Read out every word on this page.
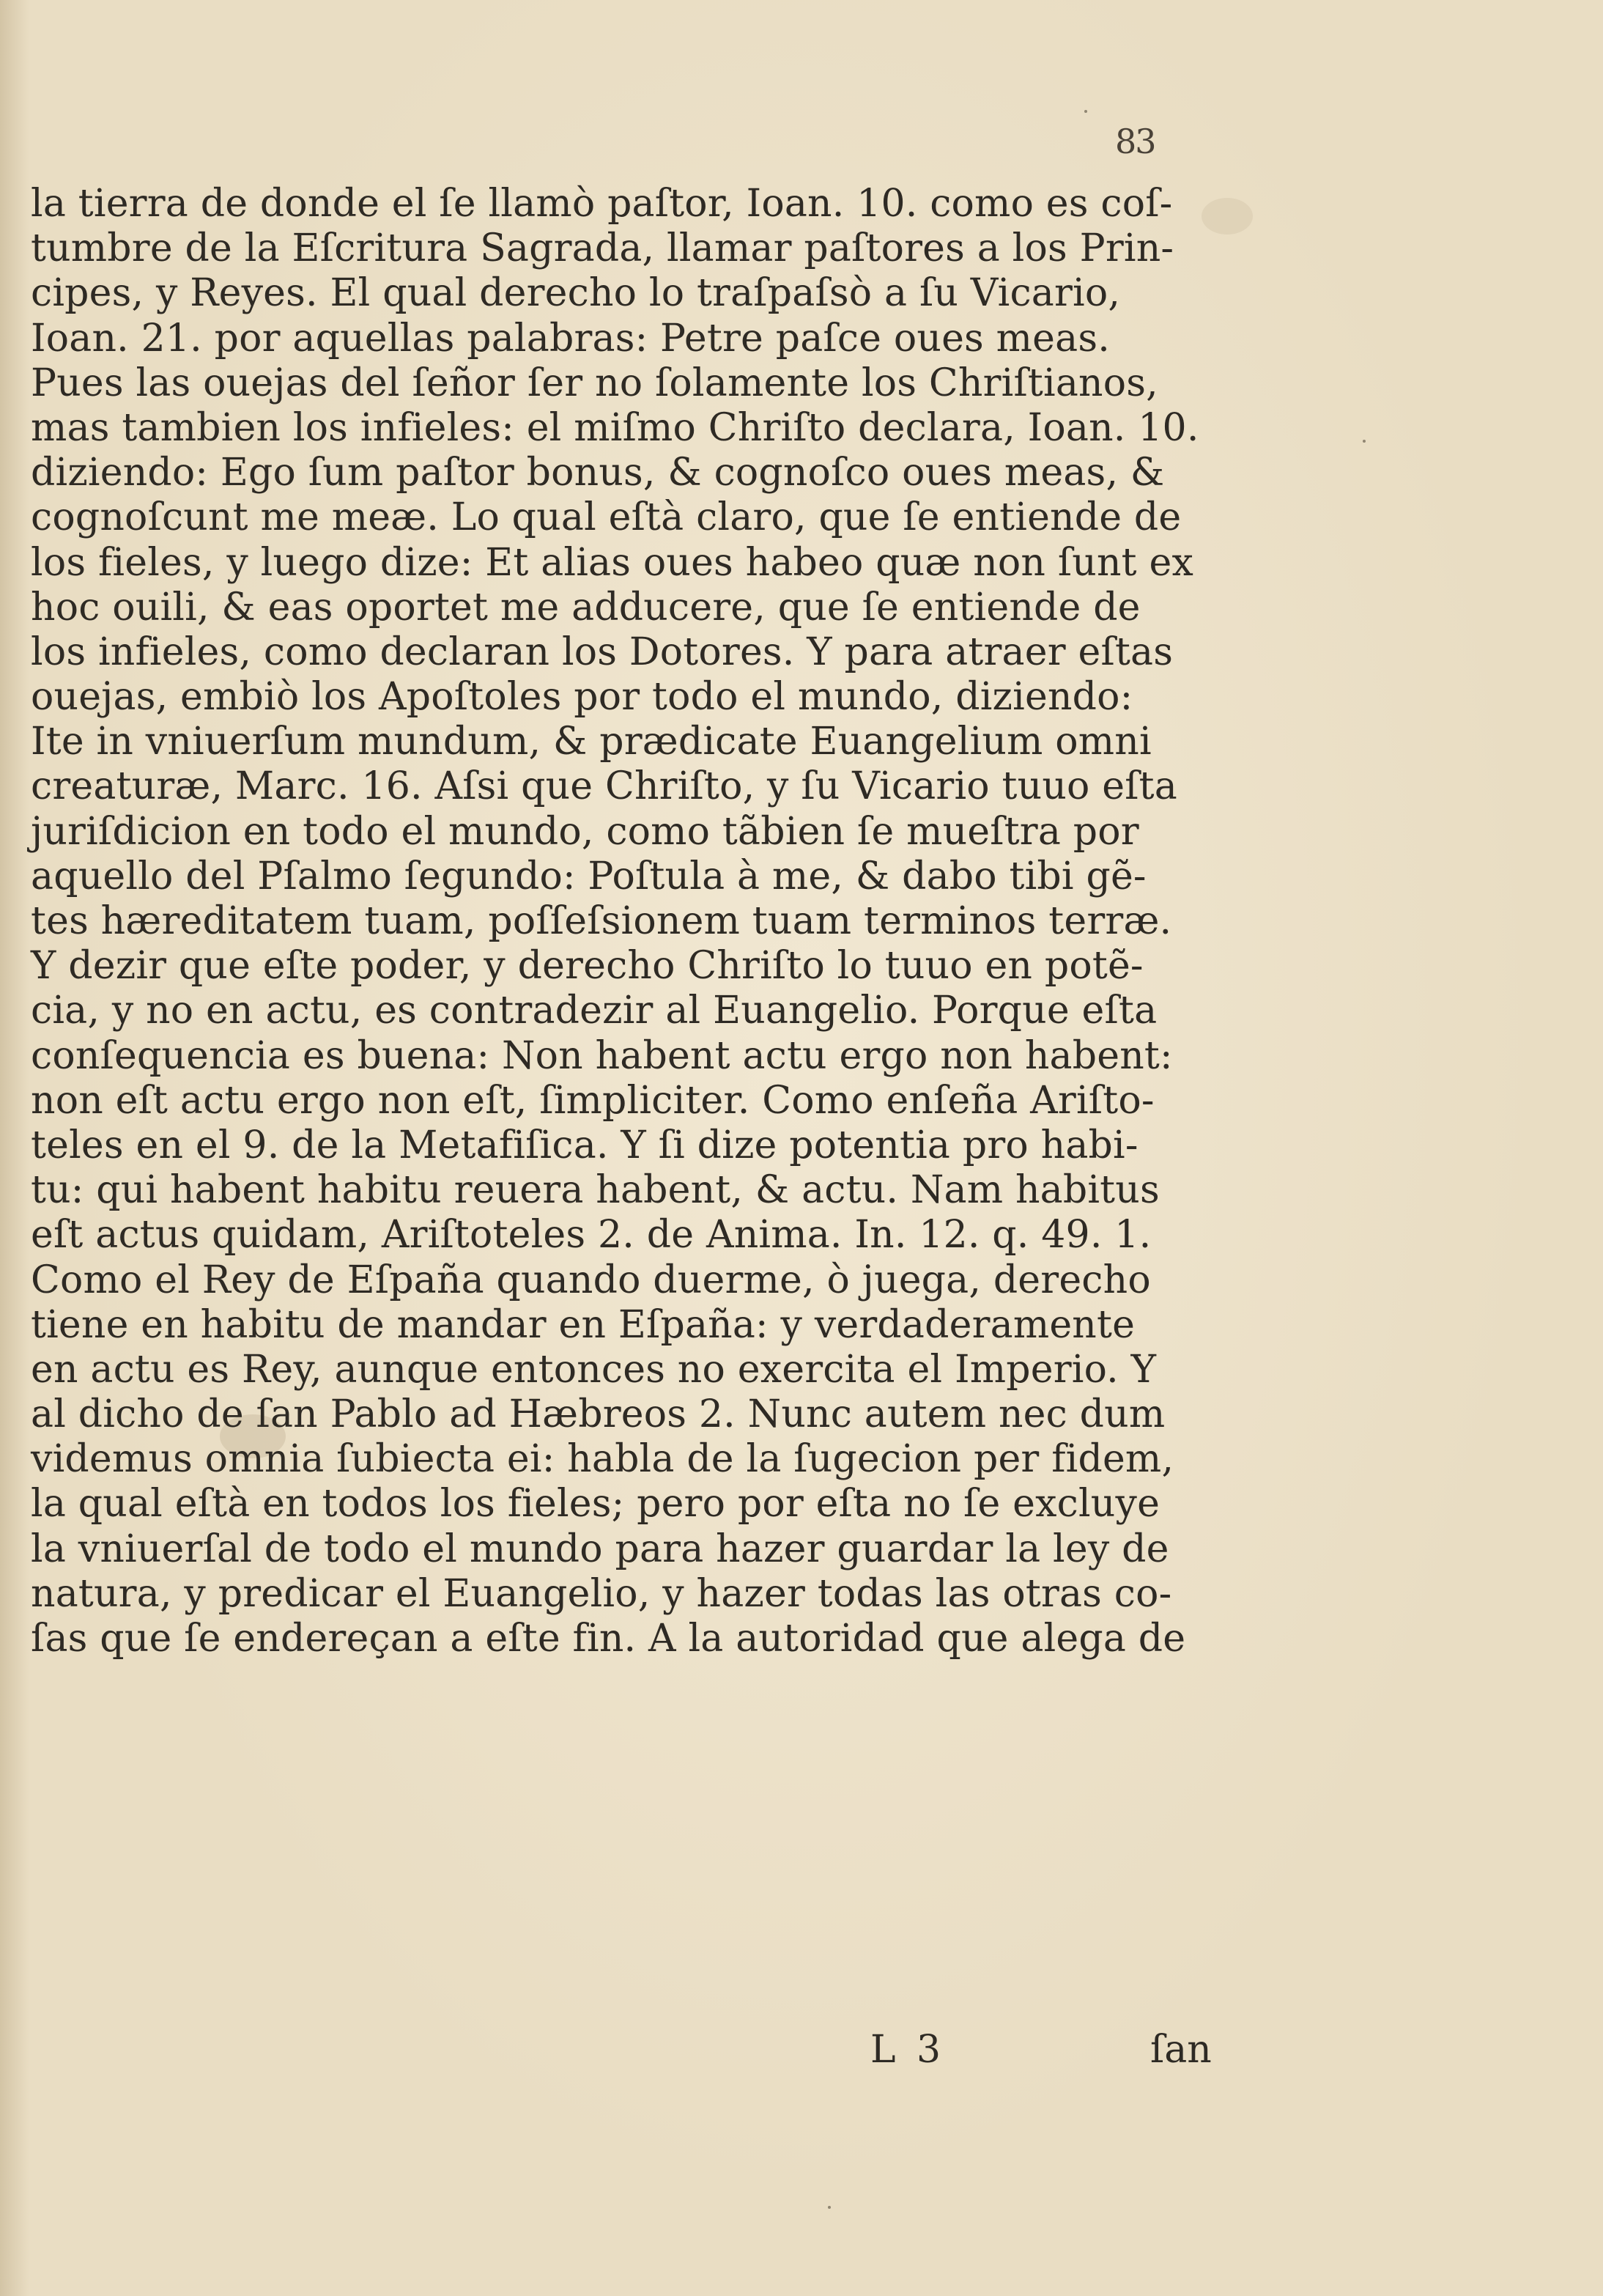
83
la tierra de donde el ſe llamò paſtor, Ioan. 10. como es coſ-
tumbre de la Eſcritura Sagrada, llamar paſtores a los Prin-
cipes, y Reyes. El qual derecho lo traſpaſsò a ſu Vicario,
Ioan. 21. por aquellas palabras: Petre paſce oues meas.
Pues las ouejas del ſeñor ſer no ſolamente los Chriſtianos,
mas tambien los infieles: el miſmo Chriſto declara, Ioan. 10.
diziendo: Ego ſum paſtor bonus, & cognoſco oues meas, &
cognoſcunt me meæ. Lo qual eſtà claro, que ſe entiende de
los fieles, y luego dize: Et alias oues habeo quæ non ſunt ex
hoc ouili, & eas oportet me adducere, que ſe entiende de
los infieles, como declaran los Dotores. Y para atraer eſtas
ouejas, embiò los Apoſtoles por todo el mundo, diziendo:
Ite in vniuerſum mundum, & prædicate Euangelium omni
creaturæ, Marc. 16. Aſsi que Chriſto, y ſu Vicario tuuo eſta
juriſdicion en todo el mundo, como tãbien ſe mueſtra por
aquello del Pſalmo ſegundo: Poſtula à me, & dabo tibi gẽ-
tes hæreditatem tuam, poſſeſsionem tuam terminos terræ.
Y dezir que eſte poder, y derecho Chriſto lo tuuo en potẽ-
cia, y no en actu, es contradezir al Euangelio. Porque eſta
conſequencia es buena: Non habent actu ergo non habent:
non eſt actu ergo non eſt, ſimpliciter. Como enſeña Ariſto-
teles en el 9. de la Metafiſica. Y ſi dize potentia pro habi-
tu: qui habent habitu reuera habent, & actu. Nam habitus
eſt actus quidam, Ariſtoteles 2. de Anima. In. 12. q. 49. 1.
Como el Rey de Eſpaña quando duerme, ò juega, derecho
tiene en habitu de mandar en Eſpaña: y verdaderamente
en actu es Rey, aunque entonces no exercita el Imperio. Y
al dicho de ſan Pablo ad Hæbreos 2. Nunc autem nec dum
videmus omnia ſubiecta ei: habla de la ſugecion per fidem,
la qual eſtà en todos los fieles; pero por eſta no ſe excluye
la vniuerſal de todo el mundo para hazer guardar la ley de
natura, y predicar el Euangelio, y hazer todas las otras co-
ſas que ſe endereçan a eſte fin. A la autoridad que alega de
L 3	ſan
